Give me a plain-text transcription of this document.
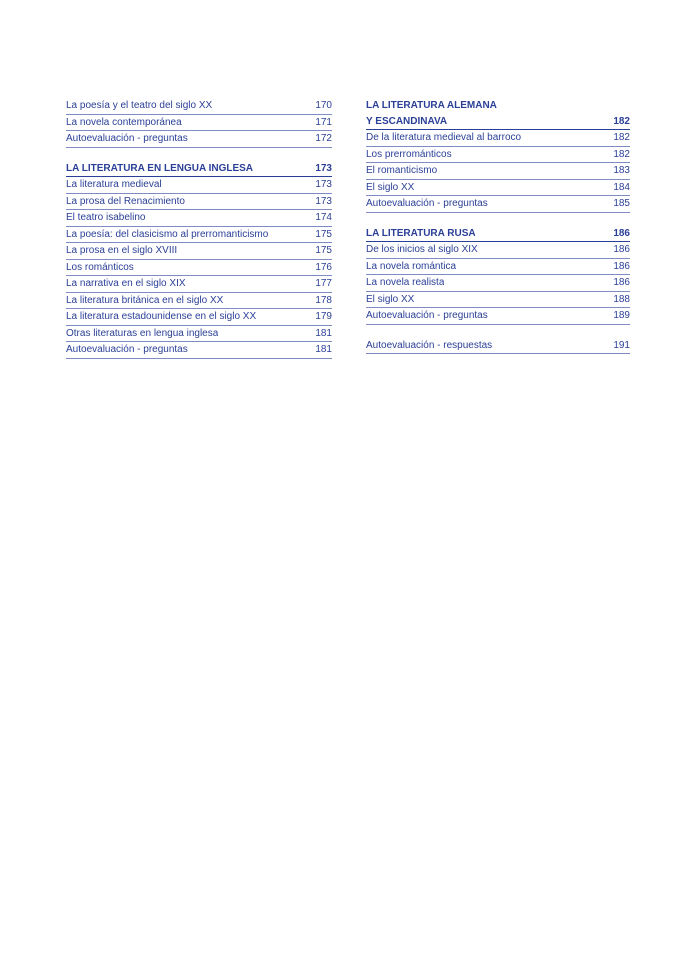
La poesía y el teatro del siglo XX	170
La novela contemporánea	171
Autoevaluación - preguntas	172
LA LITERATURA EN LENGUA INGLESA	173
La literatura medieval	173
La prosa del Renacimiento	173
El teatro isabelino	174
La poesía: del clasicismo al prerromanticismo	175
La prosa en el siglo XVIII	175
Los románticos	176
La narrativa en el siglo XIX	177
La literatura británica en el siglo XX	178
La literatura estadounidense en el siglo XX	179
Otras literaturas en lengua inglesa	181
Autoevaluación - preguntas	181
LA LITERATURA ALEMANA
Y ESCANDINAVA	182
De la literatura medieval al barroco	182
Los prerrománticos	182
El romanticismo	183
El siglo XX	184
Autoevaluación - preguntas	185
LA LITERATURA RUSA	186
De los inicios al siglo XIX	186
La novela romántica	186
La novela realista	186
El siglo XX	188
Autoevaluación - preguntas	189
Autoevaluación - respuestas	191
